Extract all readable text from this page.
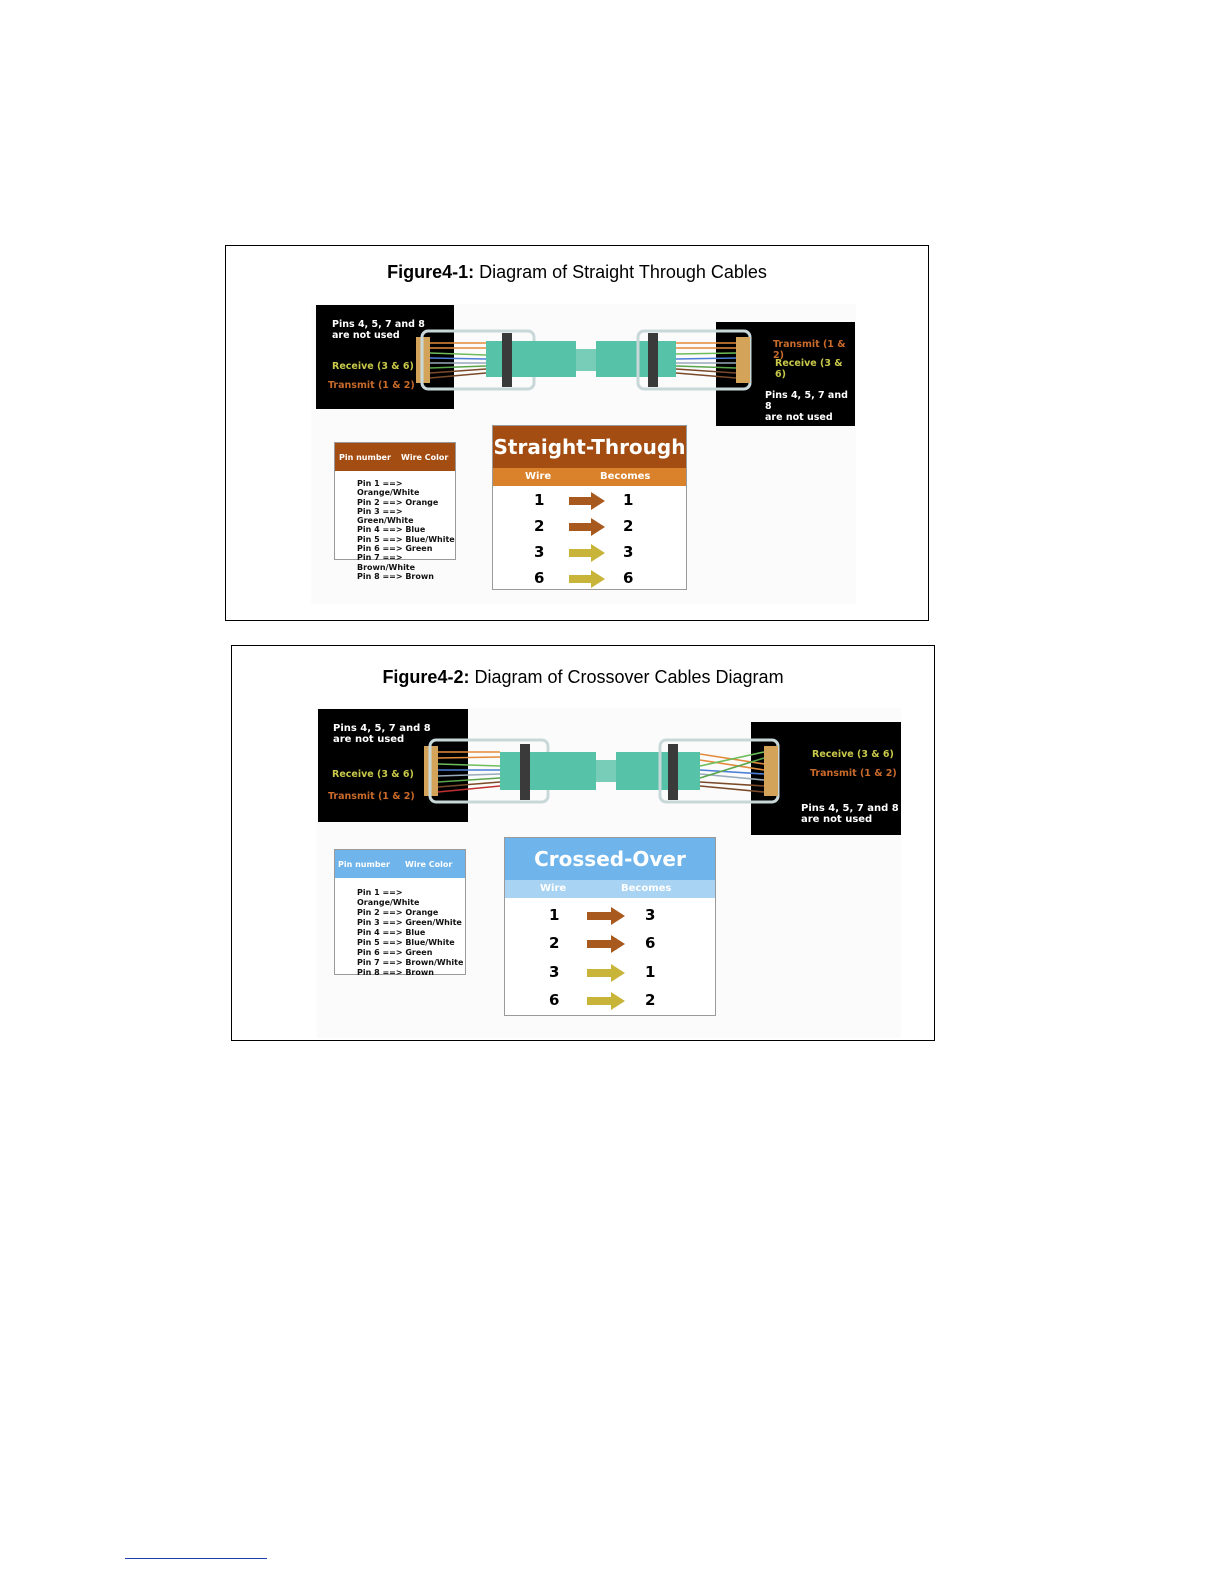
Figure4-1: Diagram of Straight Through Cables
Pins 4, 5, 7 and 8
are not used
Receive (3 & 6)
Transmit (1 & 2)
Transmit (1 & 2)
Receive (3 & 6)
Pins 4, 5, 7 and 8
are not used
Pin number Wire Color
Pin 1 ==> Orange/White
Pin 2 ==> Orange
Pin 3 ==> Green/White
Pin 4 ==> Blue
Pin 5 ==> Blue/White
Pin 6 ==> Green
Pin 7 ==> Brown/White
Pin 8 ==> Brown
Straight-Through
Wire	Becomes
1	1
2	2
3	3
6	6
Figure4-2: Diagram of Crossover Cables Diagram
Pins 4, 5, 7 and 8
are not used
Receive (3 & 6)
Transmit (1 & 2)
Receive (3 & 6)
Transmit (1 & 2)
Pins 4, 5, 7 and 8
are not used
Pin number Wire Color
Pin 1 ==> Orange/White
Pin 2 ==> Orange
Pin 3 ==> Green/White
Pin 4 ==> Blue
Pin 5 ==> Blue/White
Pin 6 ==> Green
Pin 7 ==> Brown/White
Pin 8 ==> Brown
Crossed-Over
Wire	Becomes
1	3
2	6
3	1
6	2
